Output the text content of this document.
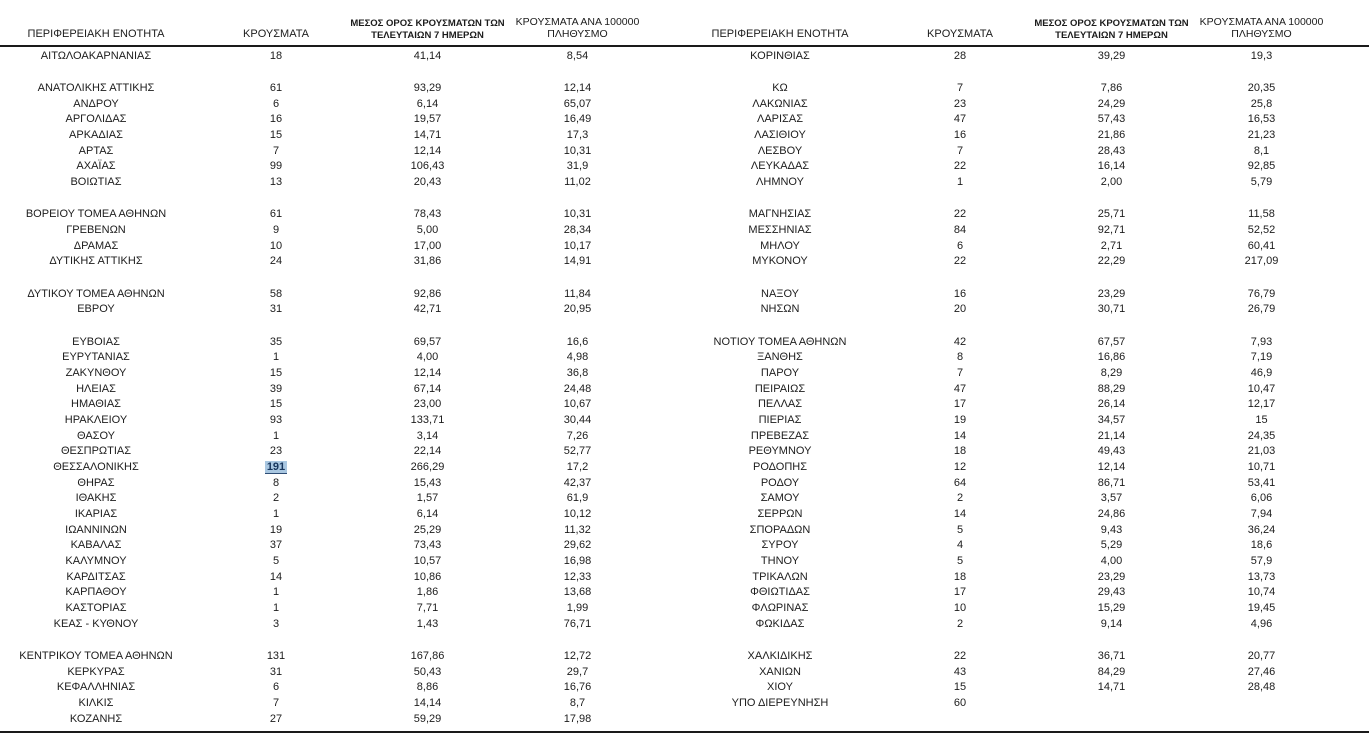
ΠΕΡΙΦΕΡΕΙΑΚΗ ΕΝΟΤΗΤΑ	ΚΡΟΥΣΜΑΤΑ
ΜΕΣΟΣ ΟΡΟΣ ΚΡΟΥΣΜΑΤΩΝ ΤΩΝ
ΤΕΛΕΥΤΑΙΩΝ 7 ΗΜΕΡΩΝ
ΚΡΟΥΣΜΑΤΑ ΑΝΑ 100000
ΠΛΗΘΥΣΜΟ
ΑΙΤΩΛΟΑΚΑΡΝΑΝΙΑΣ	18	41,14	8,54
ΑΝΑΤΟΛΙΚΗΣ ΑΤΤΙΚΗΣ	61	93,29	12,14
ΑΝΔΡΟΥ	6	6,14	65,07
ΑΡΓΟΛΙΔΑΣ	16	19,57	16,49
ΑΡΚΑΔΙΑΣ	15	14,71	17,3
ΑΡΤΑΣ	7	12,14	10,31
ΑΧΑΪΑΣ	99	106,43	31,9
ΒΟΙΩΤΙΑΣ	13	20,43	11,02
ΒΟΡΕΙΟΥ ΤΟΜΕΑ ΑΘΗΝΩΝ	61	78,43	10,31
ΓΡΕΒΕΝΩΝ	9	5,00	28,34
ΔΡΑΜΑΣ	10	17,00	10,17
ΔΥΤΙΚΗΣ ΑΤΤΙΚΗΣ	24	31,86	14,91
ΔΥΤΙΚΟΥ ΤΟΜΕΑ ΑΘΗΝΩΝ	58	92,86	11,84
ΕΒΡΟΥ	31	42,71	20,95
ΕΥΒΟΙΑΣ	35	69,57	16,6
ΕΥΡΥΤΑΝΙΑΣ	1	4,00	4,98
ΖΑΚΥΝΘΟΥ	15	12,14	36,8
ΗΛΕΙΑΣ	39	67,14	24,48
ΗΜΑΘΙΑΣ	15	23,00	10,67
ΗΡΑΚΛΕΙΟΥ	93	133,71	30,44
ΘΑΣΟΥ	1	3,14	7,26
ΘΕΣΠΡΩΤΙΑΣ	23	22,14	52,77
ΘΕΣΣΑΛΟΝΙΚΗΣ	191	266,29	17,2
ΘΗΡΑΣ	8	15,43	42,37
ΙΘΑΚΗΣ	2	1,57	61,9
ΙΚΑΡΙΑΣ	1	6,14	10,12
ΙΩΑΝΝΙΝΩΝ	19	25,29	11,32
ΚΑΒΑΛΑΣ	37	73,43	29,62
ΚΑΛΥΜΝΟΥ	5	10,57	16,98
ΚΑΡΔΙΤΣΑΣ	14	10,86	12,33
ΚΑΡΠΑΘΟΥ	1	1,86	13,68
ΚΑΣΤΟΡΙΑΣ	1	7,71	1,99
ΚΕΑΣ - ΚΥΘΝΟΥ	3	1,43	76,71
ΚΕΝΤΡΙΚΟΥ ΤΟΜΕΑ ΑΘΗΝΩΝ	131	167,86	12,72
ΚΕΡΚΥΡΑΣ	31	50,43	29,7
ΚΕΦΑΛΛΗΝΙΑΣ	6	8,86	16,76
ΚΙΛΚΙΣ	7	14,14	8,7
ΚΟΖΑΝΗΣ	27	59,29	17,98
ΠΕΡΙΦΕΡΕΙΑΚΗ ΕΝΟΤΗΤΑ	ΚΡΟΥΣΜΑΤΑ
ΜΕΣΟΣ ΟΡΟΣ ΚΡΟΥΣΜΑΤΩΝ ΤΩΝ
ΤΕΛΕΥΤΑΙΩΝ 7 ΗΜΕΡΩΝ
ΚΡΟΥΣΜΑΤΑ ΑΝΑ 100000
ΠΛΗΘΥΣΜΟ
ΚΟΡΙΝΘΙΑΣ	28	39,29	19,3
ΚΩ	7	7,86	20,35
ΛΑΚΩΝΙΑΣ	23	24,29	25,8
ΛΑΡΙΣΑΣ	47	57,43	16,53
ΛΑΣΙΘΙΟΥ	16	21,86	21,23
ΛΕΣΒΟΥ	7	28,43	8,1
ΛΕΥΚΑΔΑΣ	22	16,14	92,85
ΛΗΜΝΟΥ	1	2,00	5,79
ΜΑΓΝΗΣΙΑΣ	22	25,71	11,58
ΜΕΣΣΗΝΙΑΣ	84	92,71	52,52
ΜΗΛΟΥ	6	2,71	60,41
ΜΥΚΟΝΟΥ	22	22,29	217,09
ΝΑΞΟΥ	16	23,29	76,79
ΝΗΣΩΝ	20	30,71	26,79
ΝΟΤΙΟΥ ΤΟΜΕΑ ΑΘΗΝΩΝ	42	67,57	7,93
ΞΑΝΘΗΣ	8	16,86	7,19
ΠΑΡΟΥ	7	8,29	46,9
ΠΕΙΡΑΙΩΣ	47	88,29	10,47
ΠΕΛΛΑΣ	17	26,14	12,17
ΠΙΕΡΙΑΣ	19	34,57	15
ΠΡΕΒΕΖΑΣ	14	21,14	24,35
ΡΕΘΥΜΝΟΥ	18	49,43	21,03
ΡΟΔΟΠΗΣ	12	12,14	10,71
ΡΟΔΟΥ	64	86,71	53,41
ΣΑΜΟΥ	2	3,57	6,06
ΣΕΡΡΩΝ	14	24,86	7,94
ΣΠΟΡΑΔΩΝ	5	9,43	36,24
ΣΥΡΟΥ	4	5,29	18,6
ΤΗΝΟΥ	5	4,00	57,9
ΤΡΙΚΑΛΩΝ	18	23,29	13,73
ΦΘΙΩΤΙΔΑΣ	17	29,43	10,74
ΦΛΩΡΙΝΑΣ	10	15,29	19,45
ΦΩΚΙΔΑΣ	2	9,14	4,96
ΧΑΛΚΙΔΙΚΗΣ	22	36,71	20,77
ΧΑΝΙΩΝ	43	84,29	27,46
ΧΙΟΥ	15	14,71	28,48
ΥΠΟ ΔΙΕΡΕΥΝΗΣΗ	60
